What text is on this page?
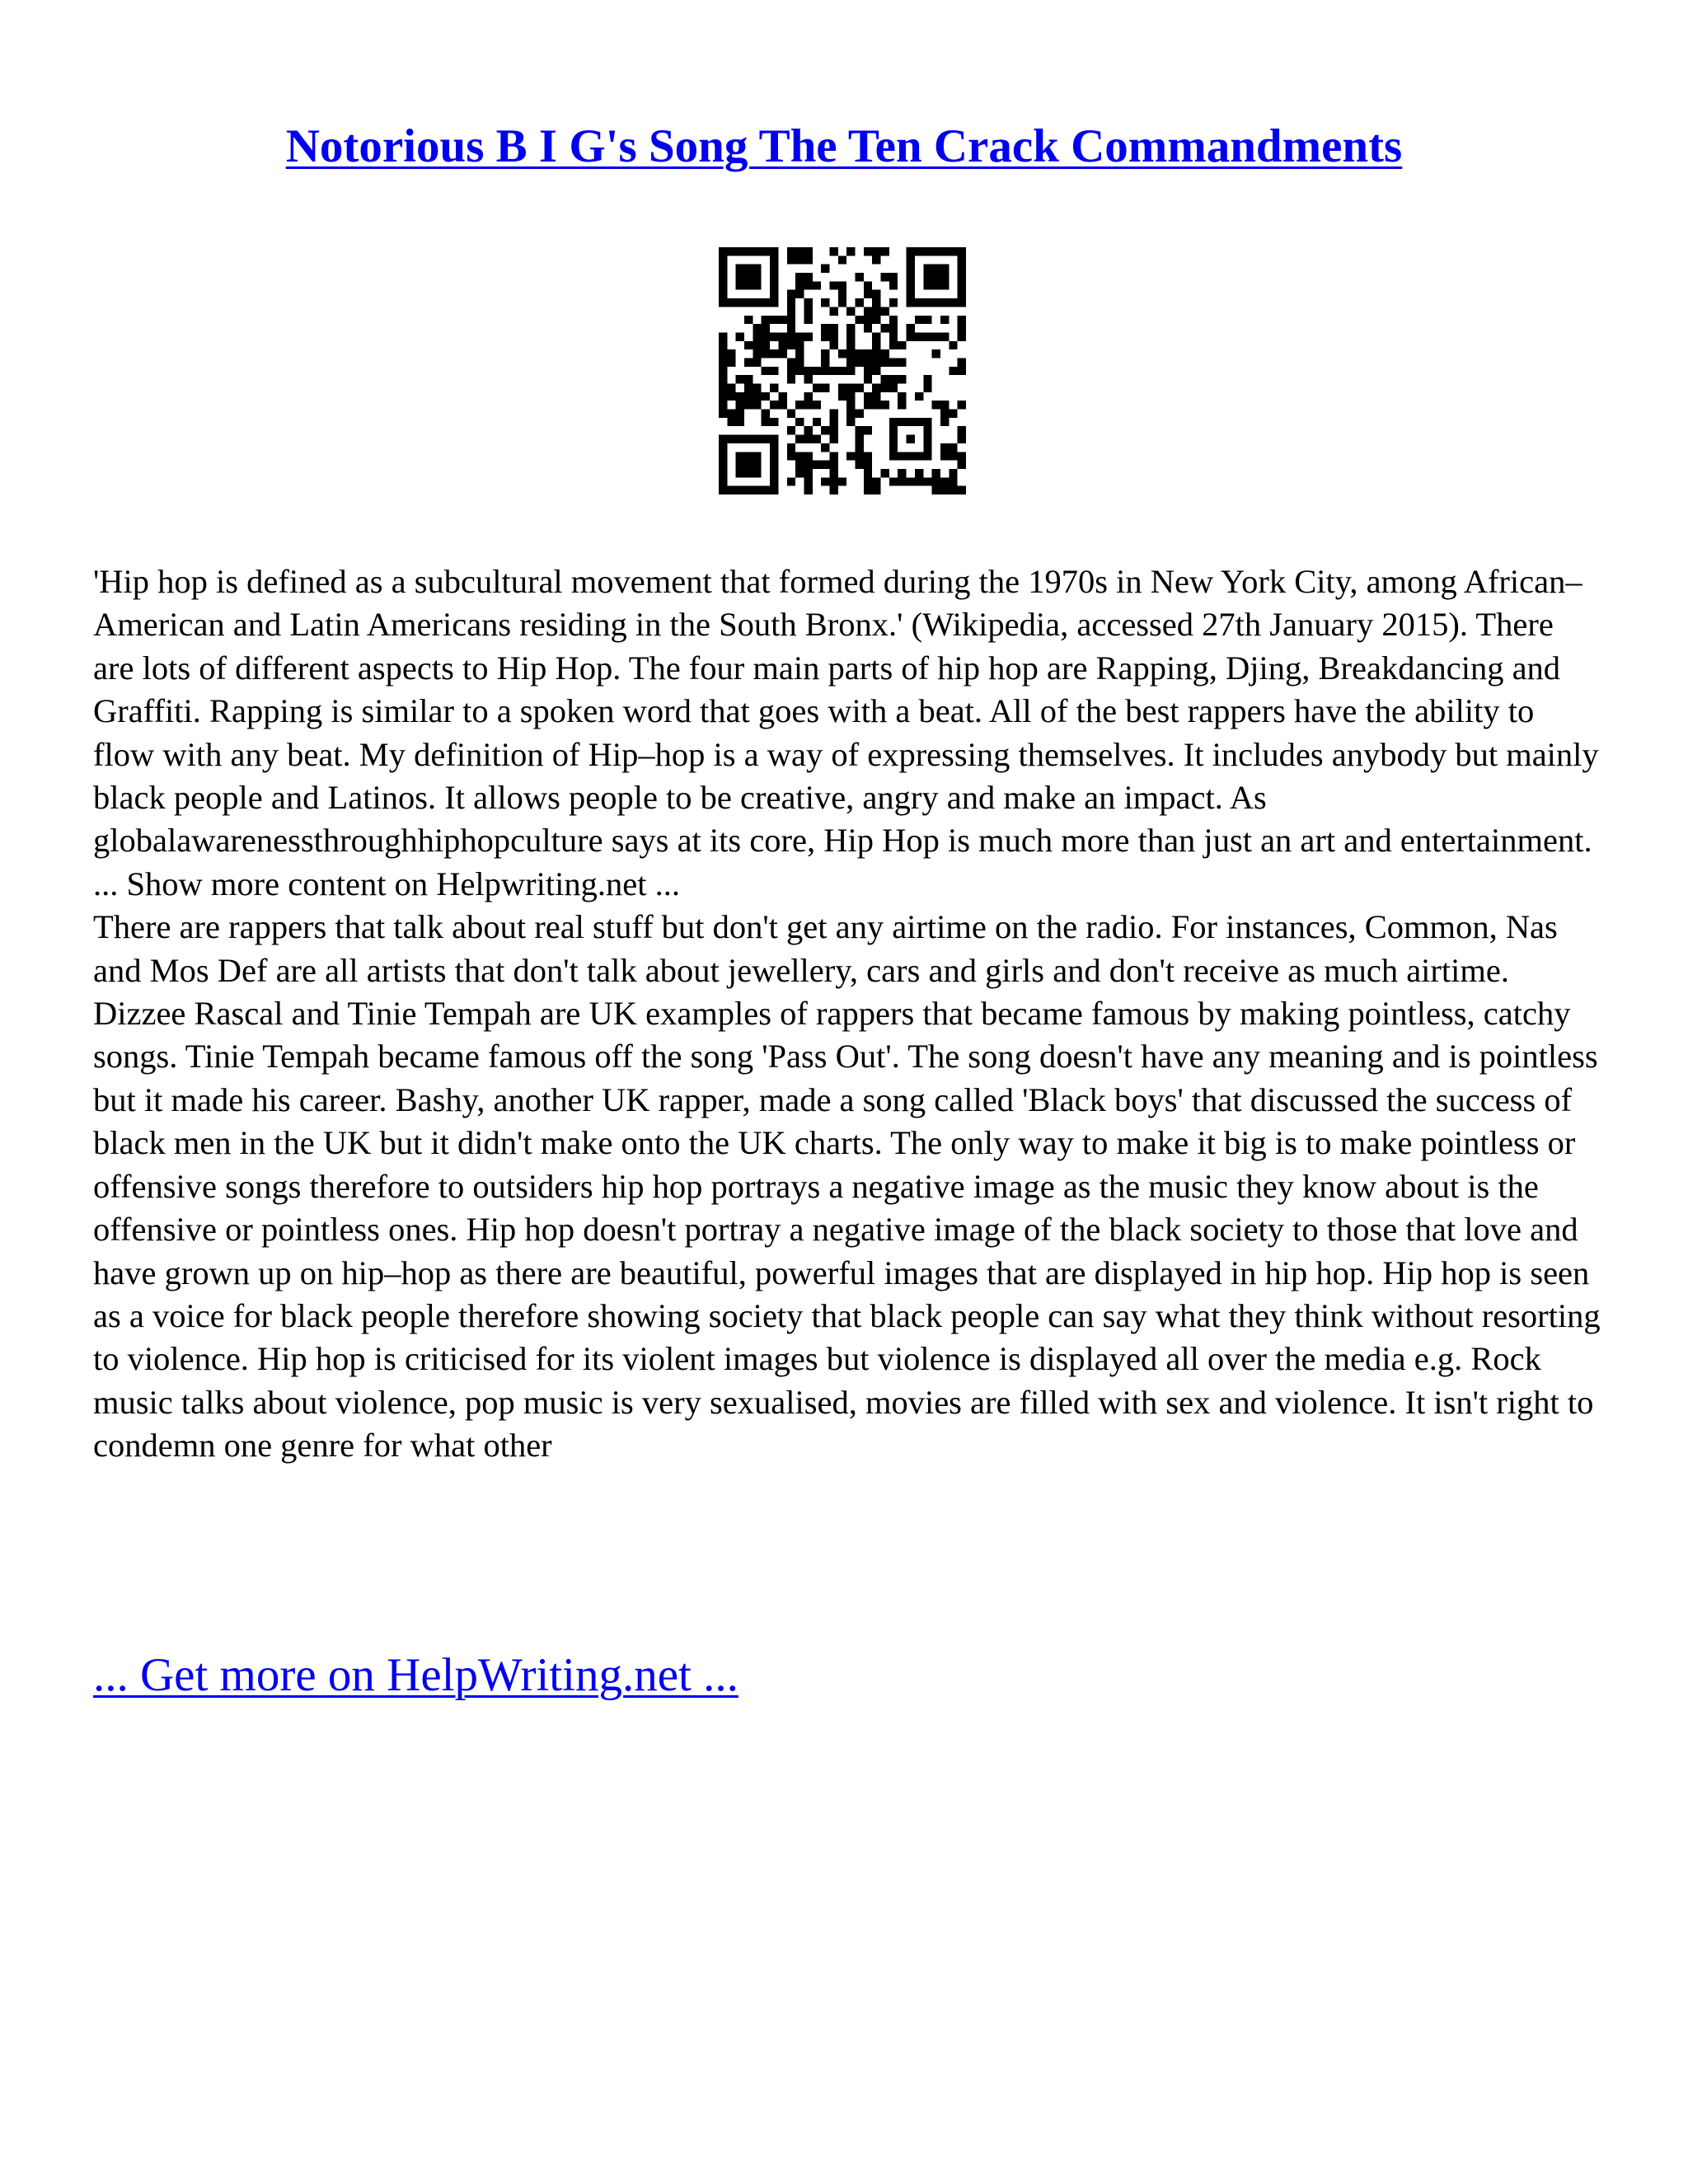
Notorious B I G's Song The Ten Crack Commandments

'Hip hop is defined as a subcultural movement that formed during the 1970s in New York City, among African–American and Latin Americans residing in the South Bronx.' (Wikipedia, accessed 27th January 2015). There are lots of different aspects to Hip Hop. The four main parts of hip hop are Rapping, Djing, Breakdancing and Graffiti. Rapping is similar to a spoken word that goes with a beat. All of the best rappers have the ability to flow with any beat. My definition of Hip–hop is a way of expressing themselves. It includes anybody but mainly black people and Latinos. It allows people to be creative, angry and make an impact. As globalawarenessthroughhiphopculture says at its core, Hip Hop is much more than just an art and entertainment. ... Show more content on Helpwriting.net ...

There are rappers that talk about real stuff but don't get any airtime on the radio. For instances, Common, Nas and Mos Def are all artists that don't talk about jewellery, cars and girls and don't receive as much airtime. Dizzee Rascal and Tinie Tempah are UK examples of rappers that became famous by making pointless, catchy songs. Tinie Tempah became famous off the song 'Pass Out'. The song doesn't have any meaning and is pointless but it made his career. Bashy, another UK rapper, made a song called 'Black boys' that discussed the success of black men in the UK but it didn't make onto the UK charts. The only way to make it big is to make pointless or offensive songs therefore to outsiders hip hop portrays a negative image as the music they know about is the offensive or pointless ones. Hip hop doesn't portray a negative image of the black society to those that love and have grown up on hip–hop as there are beautiful, powerful images that are displayed in hip hop. Hip hop is seen as a voice for black people therefore showing society that black people can say what they think without resorting to violence. Hip hop is criticised for its violent images but violence is displayed all over the media e.g. Rock music talks about violence, pop music is very sexualised, movies are filled with sex and violence. It isn't right to condemn one genre for what other

... Get more on HelpWriting.net ...
